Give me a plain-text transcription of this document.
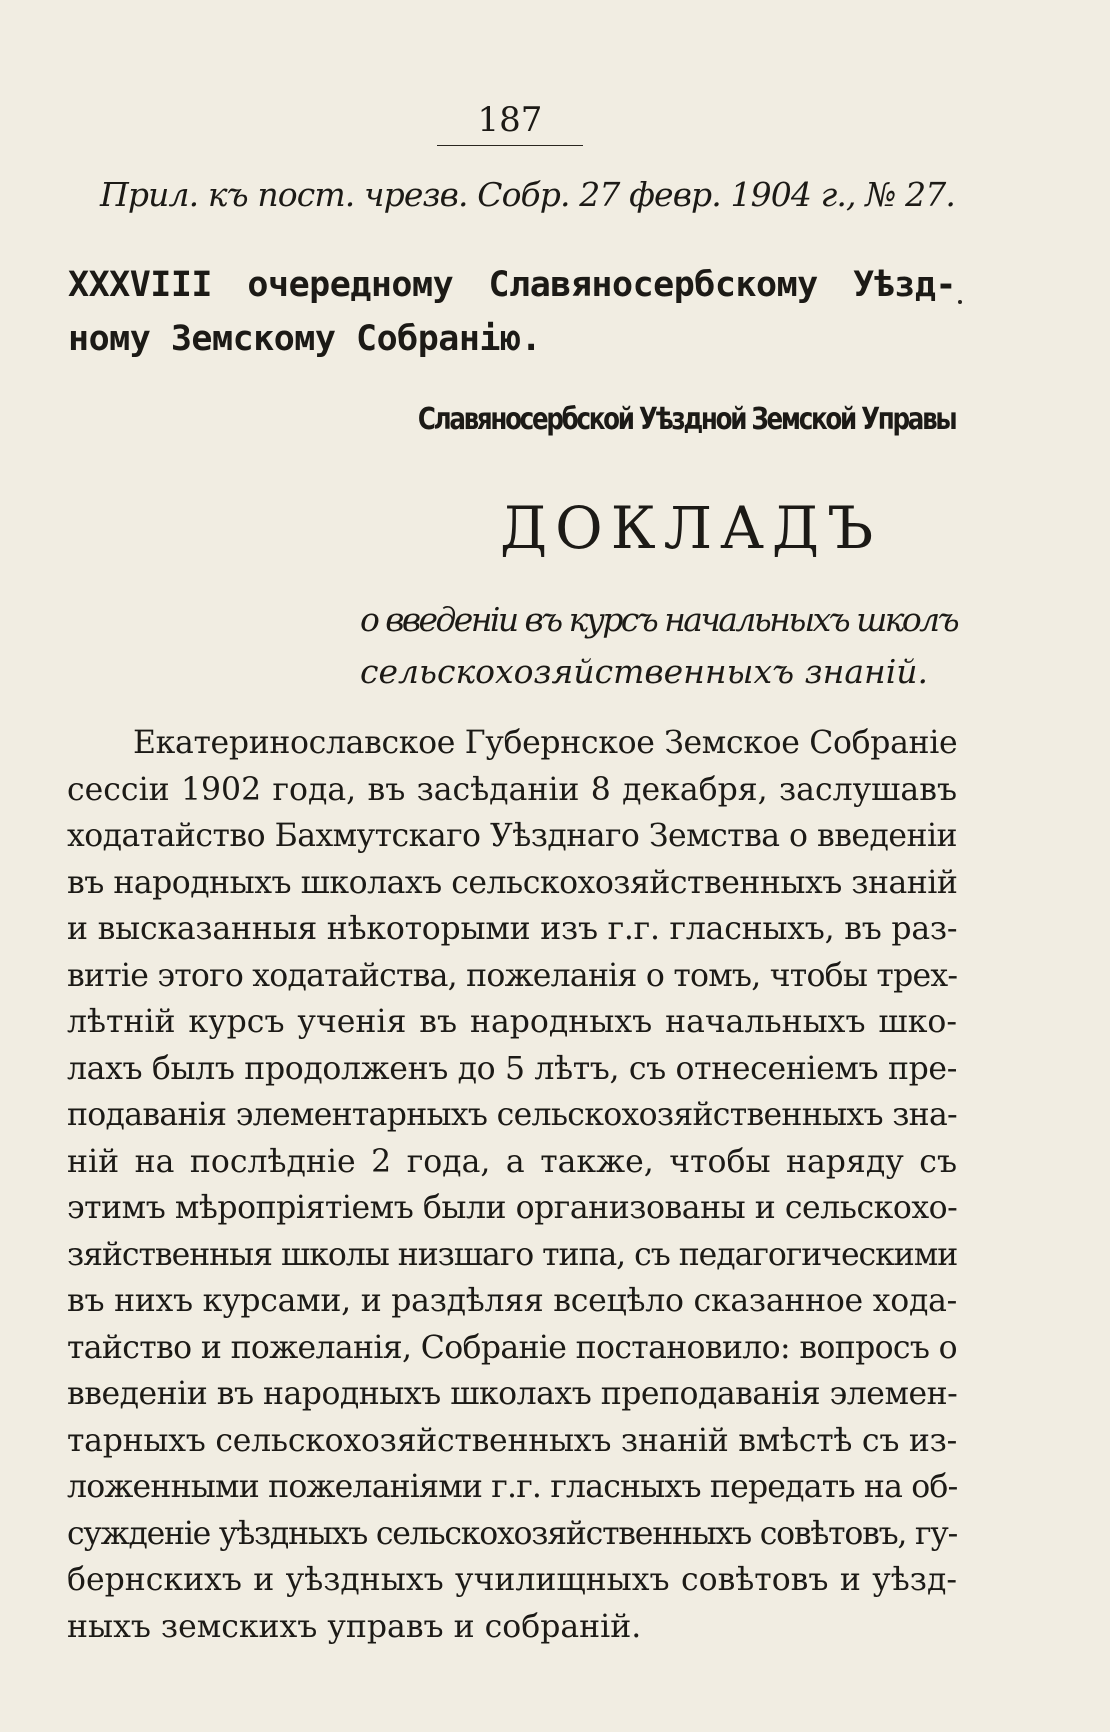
187
Прил. къ пост. чрезв. Собр. 27 февр. 1904 г., № 27.
XXXVIII очередному Славяносербскому Уѣзд-
ному Земскому Собранію.
Славяносербской Уѣздной Земской Управы
ДОКЛАДЪ
о введеніи въ курсъ начальныхъ школъ
сельскохозяйственныхъ знаній.
Екатеринославское Губернское Земское Собраніе
сессіи 1902 года, въ засѣданіи 8 декабря, заслушавъ
ходатайство Бахмутскаго Уѣзднаго Земства о введеніи
въ народныхъ школахъ сельскохозяйственныхъ знаній
и высказанныя нѣкоторыми изъ г.г. гласныхъ, въ раз-
витіе этого ходатайства, пожеланія о томъ, чтобы трех-
лѣтній курсъ ученія въ народныхъ начальныхъ шко-
лахъ былъ продолженъ до 5 лѣтъ, съ отнесеніемъ пре-
подаванія элементарныхъ сельскохозяйственныхъ зна-
ній на послѣдніе 2 года, а также, чтобы наряду съ
этимъ мѣропріятіемъ были организованы и сельскохо-
зяйственныя школы низшаго типа, съ педагогическими
въ нихъ курсами, и раздѣляя всецѣло сказанное хода-
тайство и пожеланія, Собраніе постановило: вопросъ о
введеніи въ народныхъ школахъ преподаванія элемен-
тарныхъ сельскохозяйственныхъ знаній вмѣстѣ съ из-
ложенными пожеланіями г.г. гласныхъ передать на об-
сужденіе уѣздныхъ сельскохозяйственныхъ совѣтовъ, гу-
бернскихъ и уѣздныхъ училищныхъ совѣтовъ и уѣзд-
ныхъ земскихъ управъ и собраній.
